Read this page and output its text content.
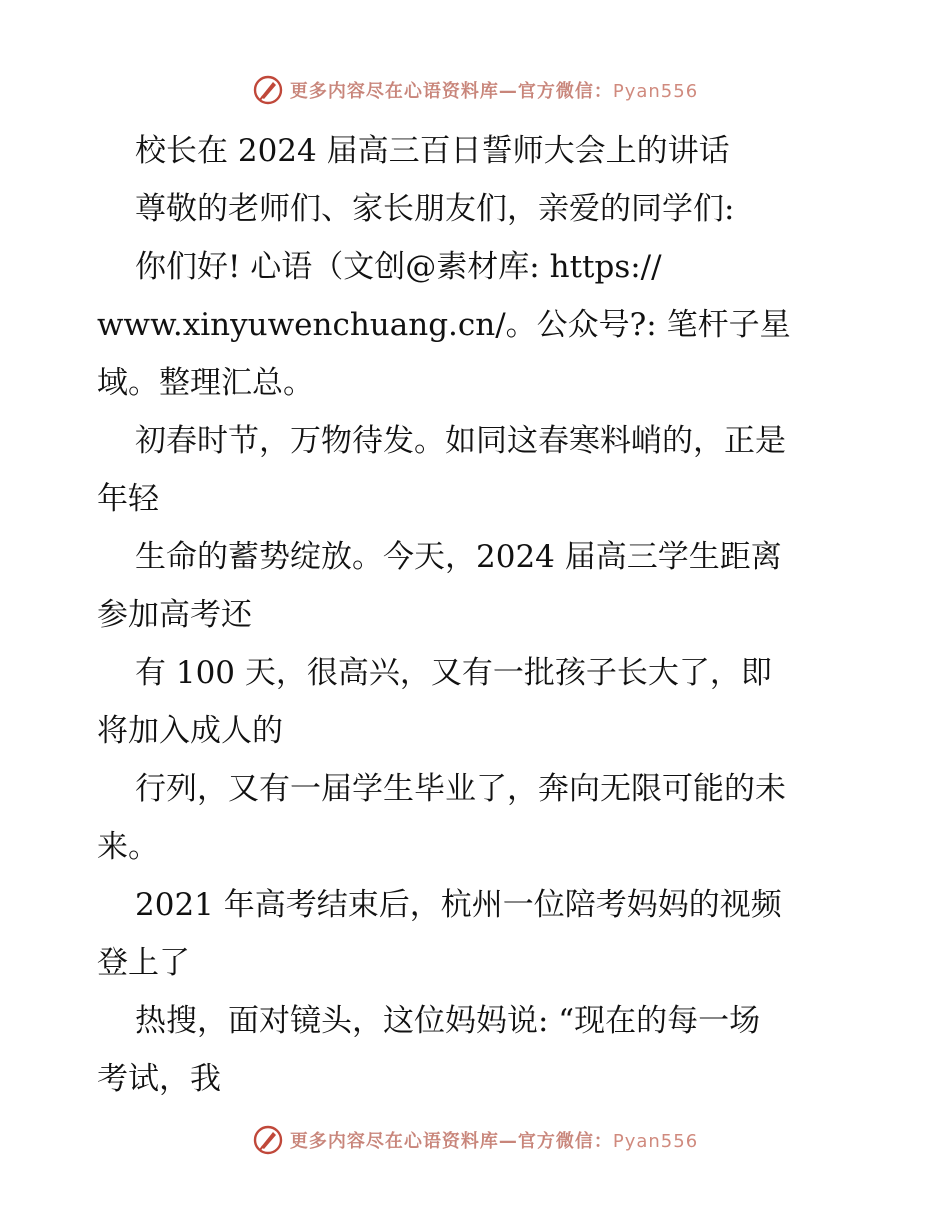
更多内容尽在心语资料库—官方微信：Pyan556
校长在 2024 届高三百日誓师大会上的讲话
尊敬的老师们、家长朋友们，亲爱的同学们:
你们好! 心语（文创@素材库: https://
www.xinyuwenchuang.cn/。公众号?: 笔杆子星
域。整理汇总。
初春时节，万物待发。如同这春寒料峭的，正是
年轻
生命的蓄势绽放。今天，2024 届高三学生距离
参加高考还
有 100 天，很高兴，又有一批孩子长大了，即
将加入成人的
行列，又有一届学生毕业了，奔向无限可能的未
来。
2021 年高考结束后，杭州一位陪考妈妈的视频
登上了
热搜，面对镜头，这位妈妈说: “现在的每一场
考试，我
更多内容尽在心语资料库—官方微信：Pyan556
